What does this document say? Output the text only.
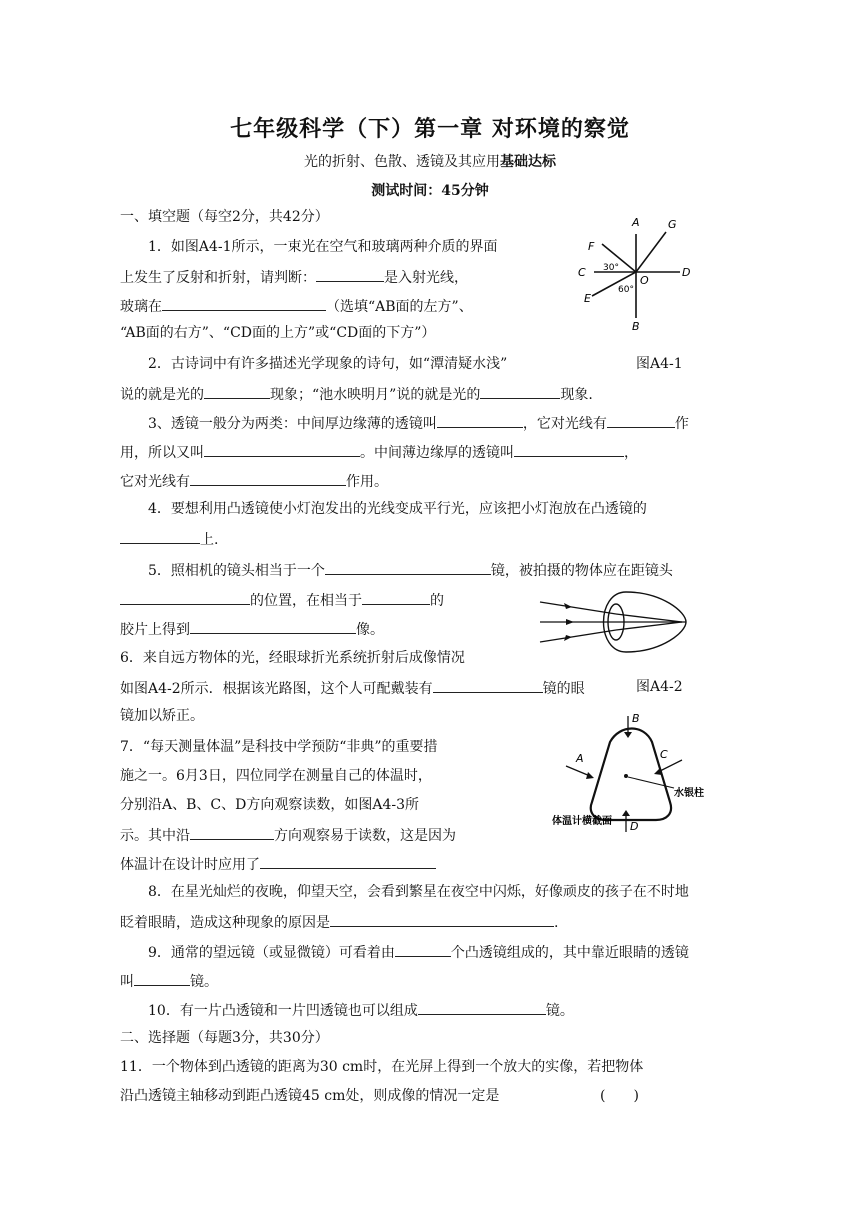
七年级科学（下）第一章 对环境的察觉
光的折射、色散、透镜及其应用基础达标
测试时间：45分钟
一、填空题（每空2分，共42分）
1．如图A4-1所示，一束光在空气和玻璃两种介质的界面
上发生了反射和折射，请判断：	是入射光线，
玻璃在	（选填“AB面的左方”、
“AB面的右方”、“CD面的上方”或“CD面的下方”）
A	G
F
C	D
O
E
B
30°
60°
2．古诗词中有许多描述光学现象的诗句，如“潭清疑水浅”	图A4-1
说的就是光的	现象；“池水映明月”说的就是光的	现象.
3、透镜一般分为两类：中间厚边缘薄的透镜叫	，它对光线有	作
用，所以又叫	。中间薄边缘厚的透镜叫	，
它对光线有	作用。
4．要想利用凸透镜使小灯泡发出的光线变成平行光，应该把小灯泡放在凸透镜的
上.
5．照相机的镜头相当于一个	镜，被拍摄的物体应在距镜头
的位置，在相当于	的
胶片上得到	像。
6．来自远方物体的光，经眼球折光系统折射后成像情况
如图A4-2所示．根据该光路图，这个人可配戴装有	镜的眼	图A4-2
镜加以矫正。	B
A	C
D
水银柱
体温计横截面
7．“每天测量体温”是科技中学预防“非典”的重要措
施之一。6月3日，四位同学在测量自己的体温时，
分别沿A、B、C、D方向观察读数，如图A4-3所
示。其中沿	方向观察易于读数，这是因为
体温计在设计时应用了
8．在星光灿烂的夜晚，仰望天空，会看到繁星在夜空中闪烁，好像顽皮的孩子在不时地
眨着眼睛，造成这种现象的原因是	.
9．通常的望远镜（或显微镜）可看着由	个凸透镜组成的，其中靠近眼睛的透镜
叫	镜。
10．有一片凸透镜和一片凹透镜也可以组成	镜。
二、选择题（每题3分，共30分）
11．一个物体到凸透镜的距离为30 cm时，在光屏上得到一个放大的实像，若把物体
沿凸透镜主轴移动到距凸透镜45 cm处，则成像的情况一定是	(　　)
